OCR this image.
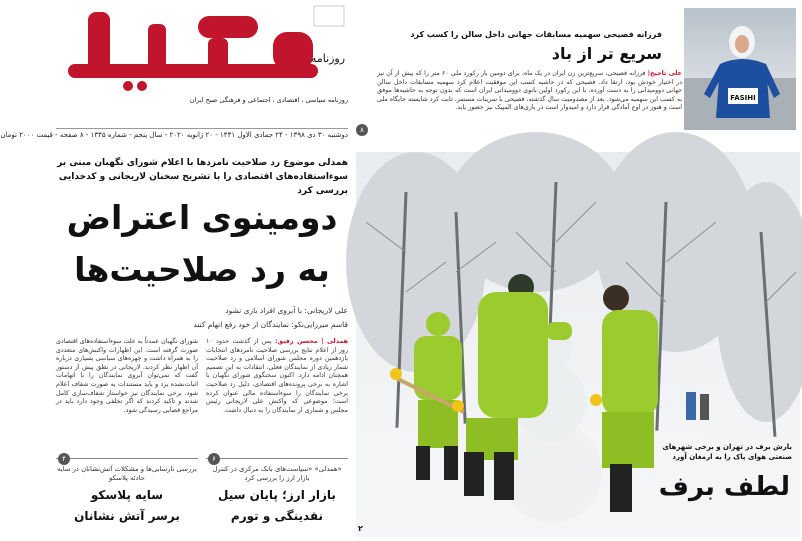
روزنامه
همدلی
روزنامه سیاسی ، اقتصادی ، اجتماعی و فرهنگی صبح ایران
دوشنبه ۳۰ دی ۱۳۹۸ - ۲۴ جمادی الاول ۱۴۴۱ - ۲۰ ژانویه ۲۰۲۰ - سال پنجم - شماره ۱۳۴۵ - ۸ صفحه - قیمت ۲۰۰۰ تومان
فرزانه فصیحی سهمیه مسابقات جهانی داخل سالن را کسب کرد
سریع تر از باد
علی تاجیخ| فرزانه فصیحی، سریع‌ترین زن ایران در یک ماه، برای دومین بار رکورد ملی ۶۰ متر را که پیش از آن نیز در اختیار خودش بود، ارتقا داد. فصیحی که در حاشیه کسب این موفقیت اعلام کرد سهمیه مسابقات داخل سالن جهانی دوومیدانی را به دست آورده، با این رکورد اولین بانوی دوومیدانی ایران است که بدون توجه به حاشیه‌ها موفق به کسب این سهمیه می‌شود. بعد از مصدومیت سال گذشته، فصیحی با تمرینات مستمر، ثابت کرد شایسته جایگاه ملی است و هنوز در اوج آمادگی قرار دارد و امیدوار است در بازی‌های المپیک نیز حضور یابد.
۸
FASIHI
همدلی موضوع رد صلاحیت نامزدها با اعلام شورای نگهبان مبنی بر سوءاستفاده‌های اقتصادی را با تشریح سخنان لاریجانی و کدخدایی بررسی کرد
دومینوی اعتراض
به رد صلاحیت‌ها
علی لاریجانی: با آبروی افراد بازی نشود
قاسم میرزایی‌نکو: نمایندگان از خود رفع اتهام کنند
همدلی | محسن رفیق: پس از گذشت حدود ۱۰ روز از اعلام نتایج بررسی صلاحیت نامزدهای انتخابات یازدهمین دوره مجلس شورای اسلامی و رد صلاحیت شمار زیادی از نمایندگان فعلی، انتقادات به این تصمیم همچنان ادامه دارد. اکنون سخنگوی شورای نگهبان با اشاره به برخی پرونده‌های اقتصادی، دلیل رد صلاحیت برخی نمایندگان را سوءاستفاده مالی عنوان کرده است؛ موضوعی که واکنش علی لاریجانی رئیس مجلس و شماری از نمایندگان را به دنبال داشت.
شورای نگهبان عمدتاً به علت سوءاستفاده‌های اقتصادی صورت گرفته است. این اظهارات واکنش‌های متعددی را به همراه داشت و چهره‌های سیاسی بسیاری درباره آن اظهار نظر کردند. لاریجانی در نطق پیش از دستور گفت که نمی‌توان آبروی نمایندگان را با اتهامات اثبات‌نشده برد و باید مستندات به صورت شفاف اعلام شود. برخی نمایندگان نیز خواستار شفاف‌سازی کامل شدند و تاکید کردند که اگر تخلفی وجود دارد باید در مراجع قضایی رسیدگی شود.
۶
«همدلی» «سیاست‌های بانک مرکزی در کنترل بازار ارز را بررسی کرد
بازار ارز؛ پایان سیل
نقدینگی و تورم
۴
بررسی نارسایی‌ها و مشکلات آتش‌نشانان در سایه حادثه پلاسکو
سایه پلاسکو
برسر آتش نشانان
بارش برف در تهران و برخی شهرهای صنعتی هوای پاک را به ارمغان آورد
لطف برف
۲
